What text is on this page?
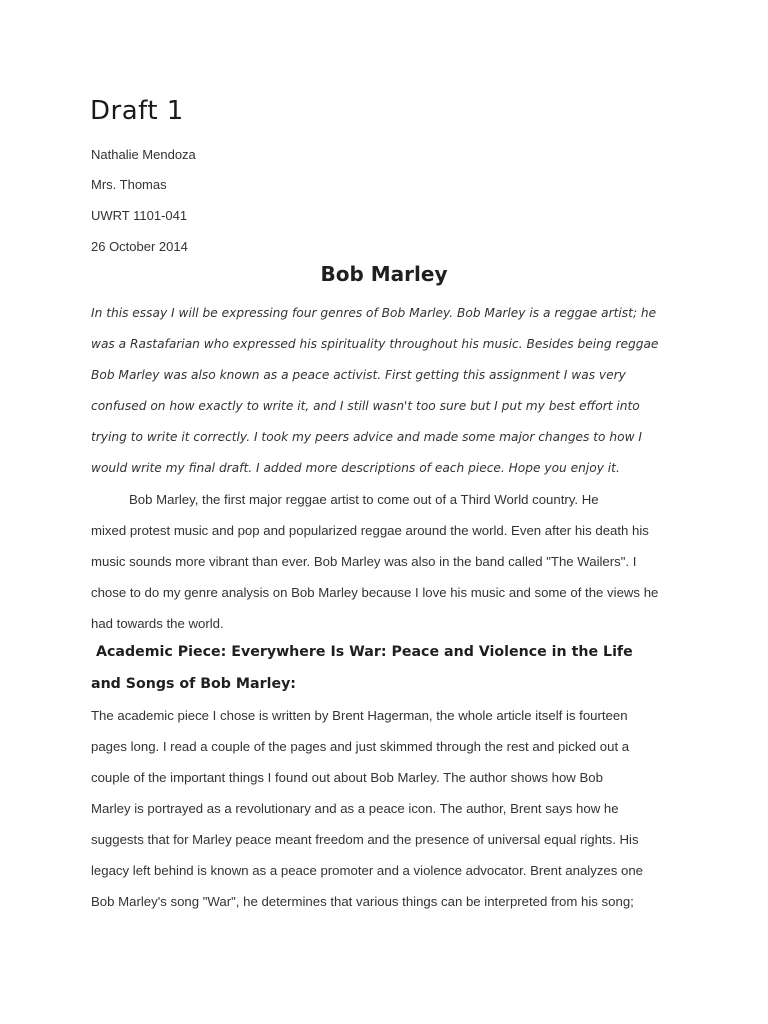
Draft 1
Nathalie Mendoza
Mrs. Thomas
UWRT 1101-041
26 October 2014
Bob Marley
In this essay I will be expressing four genres of Bob Marley. Bob Marley is a reggae artist; he
was a Rastafarian who expressed his spirituality throughout his music. Besides being reggae
Bob Marley was also known as a peace activist. First getting this assignment I was very
confused on how exactly to write it, and I still wasn't too sure but I put my best effort into
trying to write it correctly. I took my peers advice and made some major changes to how I
would write my final draft. I added more descriptions of each piece. Hope you enjoy it.
Bob Marley, the first major reggae artist to come out of a Third World country. He
mixed protest music and pop and popularized reggae around the world. Even after his death his
music sounds more vibrant than ever. Bob Marley was also in the band called "The Wailers". I
chose to do my genre analysis on Bob Marley because I love his music and some of the views he
had towards the world.
Academic Piece: Everywhere Is War: Peace and Violence in the Life
and Songs of Bob Marley:
The academic piece I chose is written by Brent Hagerman, the whole article itself is fourteen
pages long. I read a couple of the pages and just skimmed through the rest and picked out a
couple of the important things I found out about Bob Marley. The author shows how Bob
Marley is portrayed as a revolutionary and as a peace icon. The author, Brent says how he
suggests that for Marley peace meant freedom and the presence of universal equal rights. His
legacy left behind is known as a peace promoter and a violence advocator. Brent analyzes one
Bob Marley's song "War", he determines that various things can be interpreted from his song;
